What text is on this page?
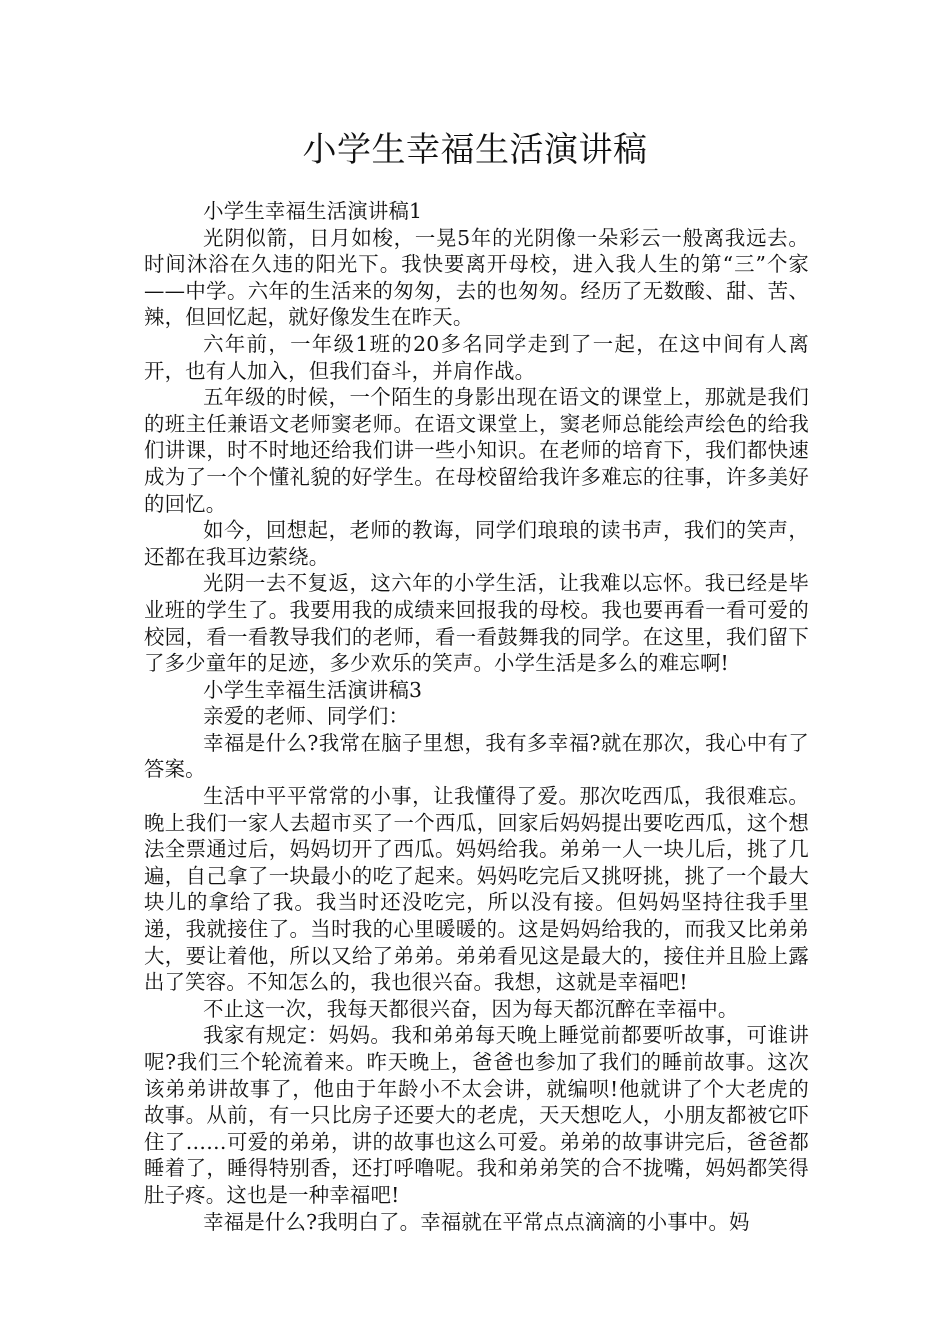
小学生幸福生活演讲稿

小学生幸福生活演讲稿1

光阴似箭，日月如梭，一晃5年的光阴像一朵彩云一般离我远去。时间沐浴在久违的阳光下。我快要离开母校，进入我人生的第“三”个家——中学。六年的生活来的匆匆，去的也匆匆。经历了无数酸、甜、苦、辣，但回忆起，就好像发生在昨天。

六年前，一年级1班的20多名同学走到了一起，在这中间有人离开，也有人加入，但我们奋斗，并肩作战。

五年级的时候，一个陌生的身影出现在语文的课堂上，那就是我们的班主任兼语文老师窦老师。在语文课堂上，窦老师总能绘声绘色的给我们讲课，时不时地还给我们讲一些小知识。在老师的培育下，我们都快速成为了一个个懂礼貌的好学生。在母校留给我许多难忘的往事，许多美好的回忆。

如今，回想起，老师的教诲，同学们琅琅的读书声，我们的笑声，还都在我耳边萦绕。

光阴一去不复返，这六年的小学生活，让我难以忘怀。我已经是毕业班的学生了。我要用我的成绩来回报我的母校。我也要再看一看可爱的校园，看一看教导我们的老师，看一看鼓舞我的同学。在这里，我们留下了多少童年的足迹，多少欢乐的笑声。小学生活是多么的难忘啊!

小学生幸福生活演讲稿3

亲爱的老师、同学们：

幸福是什么?我常在脑子里想，我有多幸福?就在那次，我心中有了答案。

生活中平平常常的小事，让我懂得了爱。那次吃西瓜，我很难忘。晚上我们一家人去超市买了一个西瓜，回家后妈妈提出要吃西瓜，这个想法全票通过后，妈妈切开了西瓜。妈妈给我。弟弟一人一块儿后，挑了几遍，自己拿了一块最小的吃了起来。妈妈吃完后又挑呀挑，挑了一个最大块儿的拿给了我。我当时还没吃完，所以没有接。但妈妈坚持往我手里递，我就接住了。当时我的心里暖暖的。这是妈妈给我的，而我又比弟弟大，要让着他，所以又给了弟弟。弟弟看见这是最大的，接住并且脸上露出了笑容。不知怎么的，我也很兴奋。我想，这就是幸福吧!

不止这一次，我每天都很兴奋，因为每天都沉醉在幸福中。

我家有规定：妈妈。我和弟弟每天晚上睡觉前都要听故事，可谁讲呢?我们三个轮流着来。昨天晚上，爸爸也参加了我们的睡前故事。这次该弟弟讲故事了，他由于年龄小不太会讲，就编呗!他就讲了个大老虎的故事。从前，有一只比房子还要大的老虎，天天想吃人，小朋友都被它吓住了……可爱的弟弟，讲的故事也这么可爱。弟弟的故事讲完后，爸爸都睡着了，睡得特别香，还打呼噜呢。我和弟弟笑的合不拢嘴，妈妈都笑得肚子疼。这也是一种幸福吧!

幸福是什么?我明白了。幸福就在平常点点滴滴的小事中。妈
